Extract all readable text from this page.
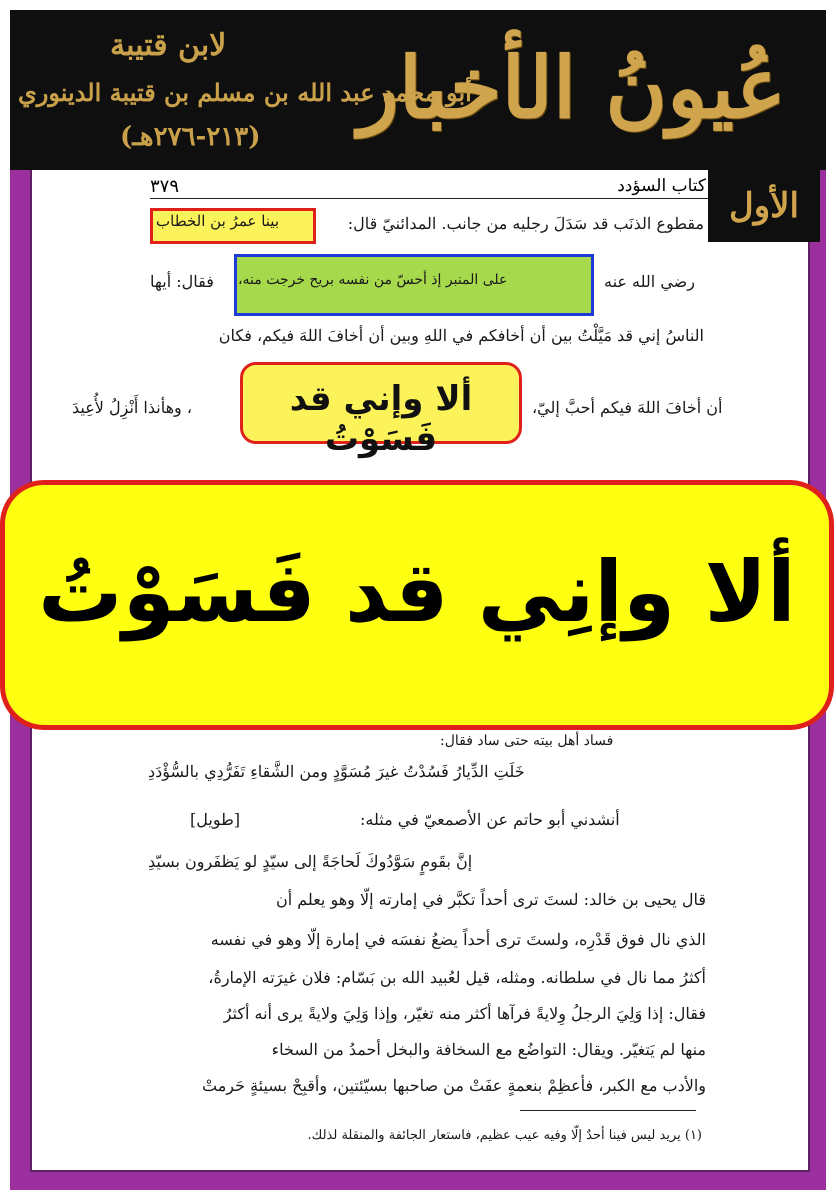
عُيونُ الأخبار
لابن قتيبة
أبو محمد عبد الله بن مسلم بن قتيبة الدينوري
(٢١٣-٢٧٦هـ)
٣٧٩	كتاب السؤدد الأول
بينا عمرُ بن الخطاب	مقطوع الذنَب قد سَدَلَ رجليه من جانب. المدائنيّ قال:
على المنبر إذ أحسّ من نفسه بريح خرجت منه،	رضي الله عنه
فقال: أيها
الناسُ إني قد مَيَّلْتُ بين أن أخافكم في اللهِ وبين أن أخافَ اللهَ فيكم، فكان
أن أخافَ اللهَ فيكم أحبَّ إليّ،
، وهأنذا أَنْزِلُ لأُعِيدَ	ألا وإني قد فَسَوْتُ
ألا وإنِي قد فَسَوْتُ
فساد أهل بيته حتى ساد فقال:
خَلَتِ الدِّيارُ فَسُدْتُ غيرَ مُسَوَّدٍ ومن الشَّقاءِ تَفَرُّدِي بالسُّؤْدَدِ
أنشدني أبو حاتم عن الأصمعيّ في مثله:
[طويل]
إنَّ بقَومٍ سَوَّدُوكَ لَحاجَةً إلى سيّدٍ لو يَظفَرون بسيّدِ
قال يحيى بن خالد: لستَ ترى أحداً تكبَّر في إمارته إلّا وهو يعلم أن
الذي نال فوق قَدْرِه، ولستَ ترى أحداً يضعُ نفسَه في إمارة إلّا وهو في نفسه
أكثرُ مما نال في سلطانه. ومثله، قيل لعُبيد الله بن بَسّام: فلان غيرَته الإمارةُ،
فقال: إذا وَلِيَ الرجلُ وِلايةً فرآها أكثر منه تغيّر، وإذا وَلِيَ ولايةً يرى أنه أكثرُ
منها لم يَتغيّر. ويقال: التواضُع مع السخافة والبخل أحمدُ من السخاء
والأدب مع الكبر، فأعظِمْ بنعمةٍ عفَتْ من صاحبها بسيّئتين، وأقبِحْ بسيئةٍ حَرمتْ
(١) يريد ليس فينا أحدٌ إلّا وفيه عيب عظيم، فاستعار الجائفة والمنقلة لذلك.
